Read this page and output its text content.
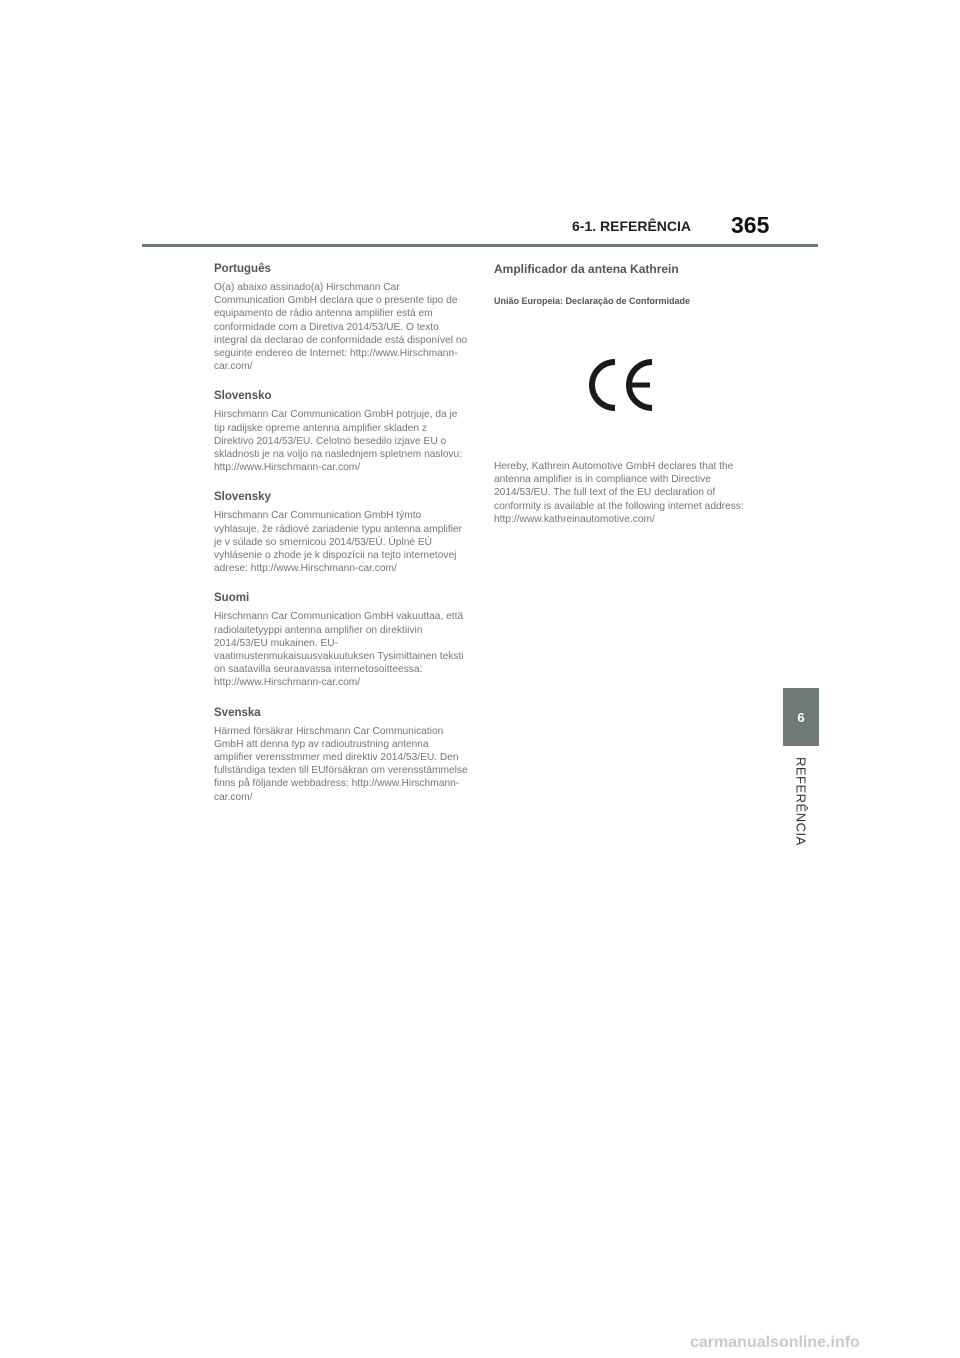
6-1. REFERÊNCIA 365

Português

O(a) abaixo assinado(a) Hirschmann Car Communication GmbH declara que o presente tipo de equipamento de rádio antenna amplifier está em conformidade com a Diretiva 2014/53/UE. O texto integral da declarao de conformidade está disponível no seguinte endereo de Internet: http://www.Hirschmann-car.com/

Slovensko

Hirschmann Car Communication GmbH potrjuje, da je tip radijske opreme antenna amplifier skladen z Direktivo 2014/53/EU. Celotno besedilo izjave EU o skladnosti je na voljo na naslednjem spletnem naslovu: http://www.Hirschmann-car.com/

Slovensky

Hirschmann Car Communication GmbH týmto vyhlasuje, že rádiové zariadenie typu antenna amplifier je v súlade so smernicou 2014/53/EÚ. Úplné EÚ vyhlásenie o zhode je k dispozícii na tejto internetovej adrese: http://www.Hirschmann-car.com/

Suomi

Hirschmann Car Communication GmbH vakuuttaa, että radiolaitetyyppi antenna amplifier on direktiivin 2014/53/EU mukainen. EU-vaatimustenmukaisuusvakuutuksen Tysimittainen teksti on saatavilla seuraavassa internetosoitteessa: http://www.Hirschmann-car.com/

Svenska

Härmed försäkrar Hirschmann Car Communication GmbH att denna typ av radioutrustning antenna amplifier verensstmmer med direktiv 2014/53/EU. Den fullständiga texten till EUförsäkran om verensstämmelse finns på följande webbadress: http://www.Hirschmann-car.com/

Amplificador da antena Kathrein

União Europeia: Declaração de Conformidade

Hereby, Kathrein Automotive GmbH declares that the antenna amplifier is in compliance with Directive 2014/53/EU. The full text of the EU declaration of conformity is available at the following internet address: http://www.kathreinautomotive.com/

6
REFERÊNCIA
carmanualsonline.info
